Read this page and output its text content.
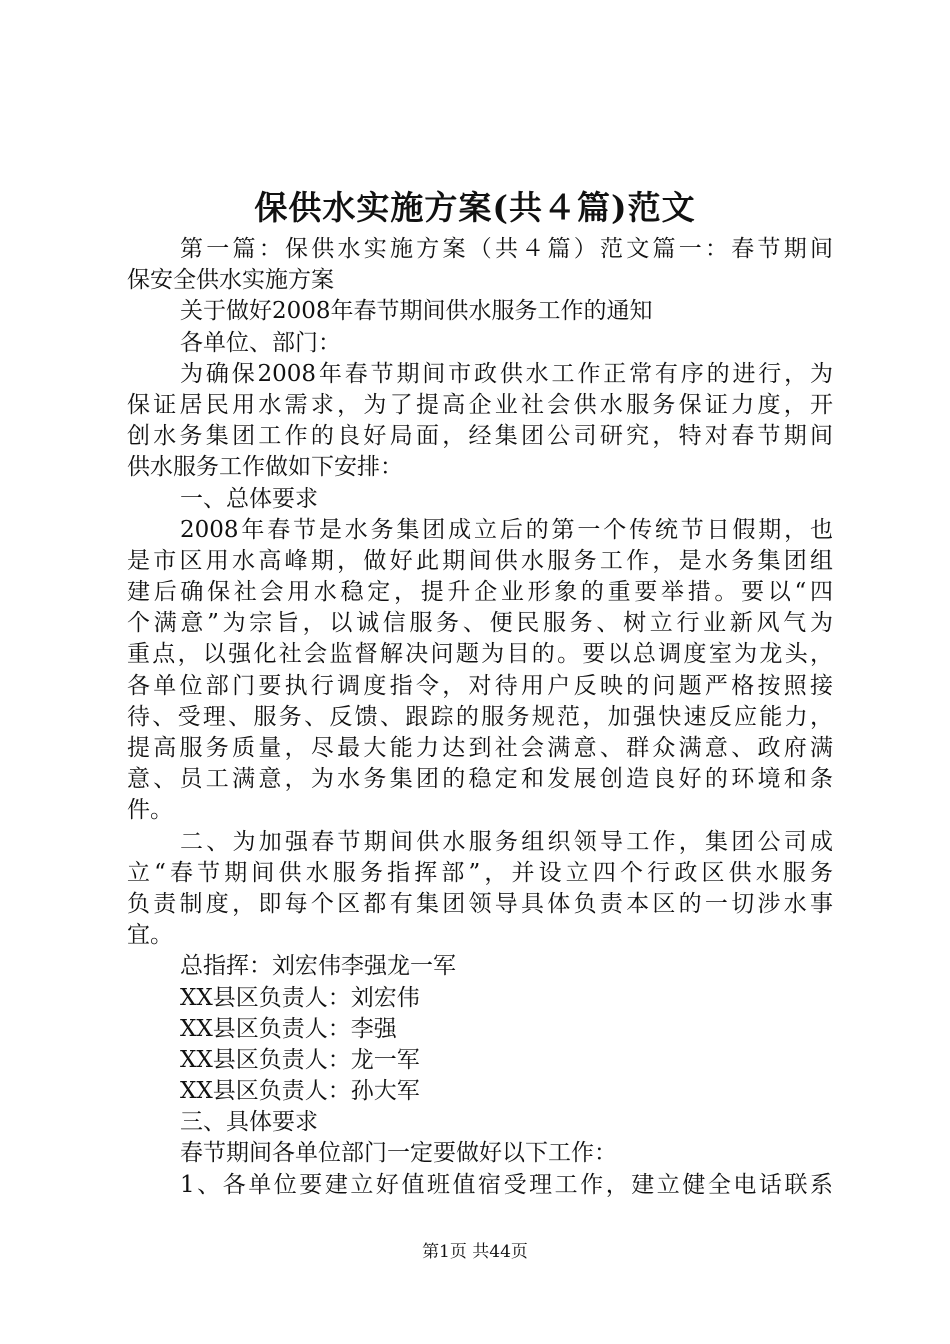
保供水实施方案(共４篇)范文
第一篇：保供水实施方案（共４篇）范文篇一：春节期间
保安全供水实施方案
关于做好2008年春节期间供水服务工作的通知
各单位、部门：
为确保2008年春节期间市政供水工作正常有序的进行，为
保证居民用水需求，为了提高企业社会供水服务保证力度，开
创水务集团工作的良好局面，经集团公司研究，特对春节期间
供水服务工作做如下安排：
一、总体要求
2008年春节是水务集团成立后的第一个传统节日假期，也
是市区用水高峰期，做好此期间供水服务工作，是水务集团组
建后确保社会用水稳定，提升企业形象的重要举措。要以“四
个满意”为宗旨，以诚信服务、便民服务、树立行业新风气为
重点，以强化社会监督解决问题为目的。要以总调度室为龙头，
各单位部门要执行调度指令，对待用户反映的问题严格按照接
待、受理、服务、反馈、跟踪的服务规范，加强快速反应能力，
提高服务质量，尽最大能力达到社会满意、群众满意、政府满
意、员工满意，为水务集团的稳定和发展创造良好的环境和条
件。
二、为加强春节期间供水服务组织领导工作，集团公司成
立“春节期间供水服务指挥部”，并设立四个行政区供水服务
负责制度，即每个区都有集团领导具体负责本区的一切涉水事
宜。
总指挥：刘宏伟李强龙一军
XX县区负责人：刘宏伟
XX县区负责人：李强
XX县区负责人：龙一军
XX县区负责人：孙大军
三、具体要求
春节期间各单位部门一定要做好以下工作：
1、各单位要建立好值班值宿受理工作，建立健全电话联系
第1页 共44页
